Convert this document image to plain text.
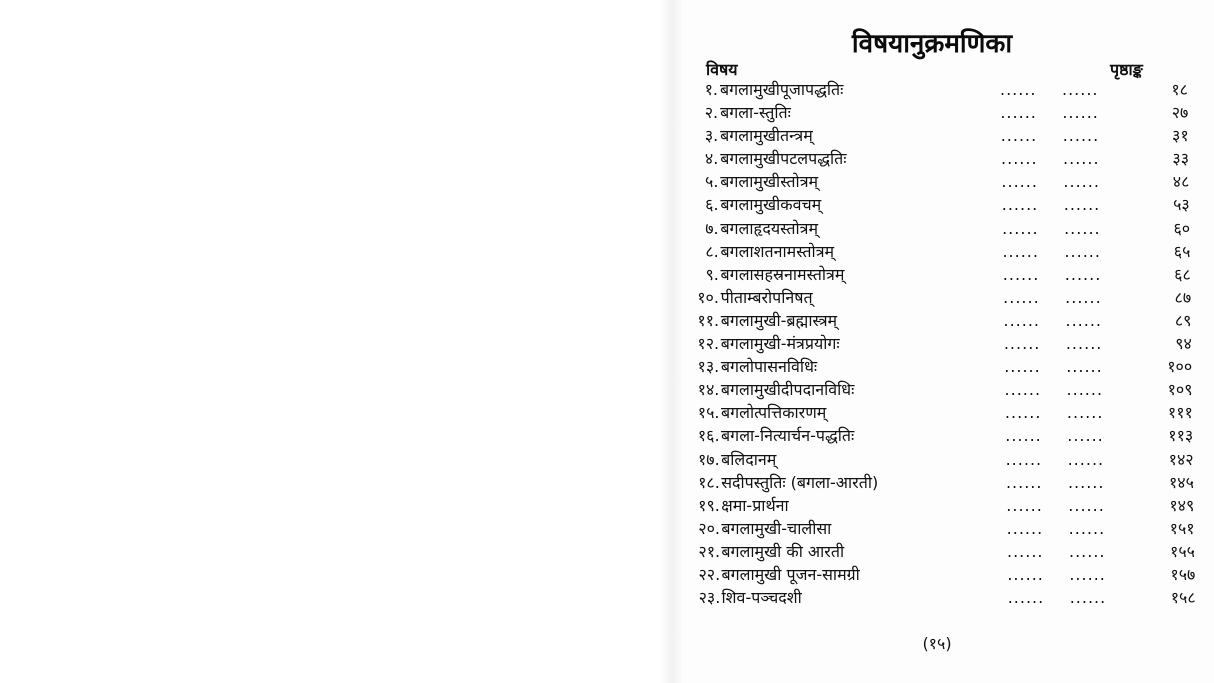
विषयानुक्रमणिका
विषय	पृष्ठाङ्क
१. बगलामुखीपूजापद्धतिः	...... ......	१८
२. बगला-स्तुतिः	...... ......	२७
३. बगलामुखीतन्त्रम्	...... ......	३१
४. बगलामुखीपटलपद्धतिः	...... ......	३३
५. बगलामुखीस्तोत्रम्	...... ......	४८
६. बगलामुखीकवचम्	...... ......	५३
७. बगलाहृदयस्तोत्रम्	...... ......	६०
८. बगलाशतनामस्तोत्रम्	...... ......	६५
९. बगलासहस्रनामस्तोत्रम्	...... ......	६८
१०. पीताम्बरोपनिषत्	...... ......	८७
११. बगलामुखी-ब्रह्मास्त्रम्	...... ......	८९
१२. बगलामुखी-मंत्रप्रयोगः	...... ......	९४
१३. बगलोपासनविधिः	...... ......	१००
१४. बगलामुखीदीपदानविधिः	...... ......	१०९
१५. बगलोत्पत्तिकारणम्	...... ......	१११
१६. बगला-नित्यार्चन-पद्धतिः	...... ......	११३
१७. बलिदानम्	...... ......	१४२
१८. सदीपस्तुतिः (बगला-आरती)	...... ......	१४५
१९. क्षमा-प्रार्थना	...... ......	१४९
२०. बगलामुखी-चालीसा	...... ......	१५१
२१. बगलामुखी की आरती	...... ......	१५५
२२. बगलामुखी पूजन-सामग्री	...... ......	१५७
२३. शिव-पञ्चदशी	...... ......	१५८
(१५)
